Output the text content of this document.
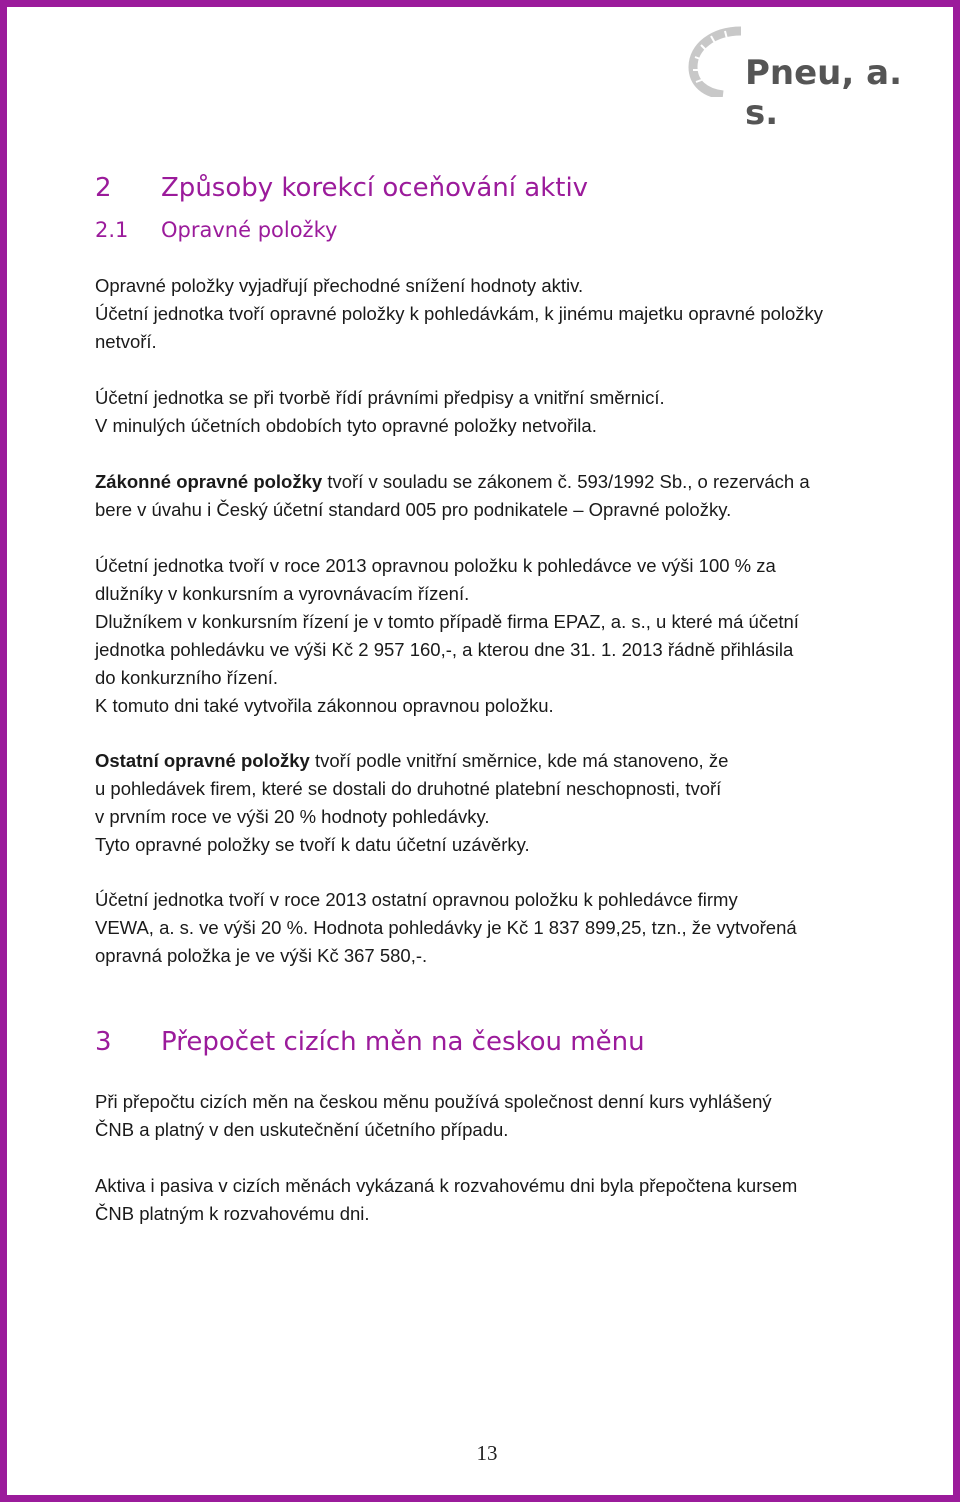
Pneu, a. s.
2 Způsoby korekcí oceňování aktiv
2.1 Opravné položky
Opravné položky vyjadřují přechodné snížení hodnoty aktiv.
Účetní jednotka tvoří opravné položky k pohledávkám, k jinému majetku opravné položky
netvoří.
Účetní jednotka se při tvorbě řídí právními předpisy a vnitřní směrnicí.
V minulých účetních obdobích tyto opravné položky netvořila.
Zákonné opravné položky tvoří v souladu se zákonem č. 593/1992 Sb., o rezervách a
bere v úvahu i Český účetní standard 005 pro podnikatele – Opravné položky.
Účetní jednotka tvoří v roce 2013 opravnou položku k pohledávce ve výši 100 % za
dlužníky v konkursním a vyrovnávacím řízení.
Dlužníkem v konkursním řízení je v tomto případě firma EPAZ, a. s., u které má účetní
jednotka pohledávku ve výši Kč 2 957 160,-, a kterou dne 31. 1. 2013 řádně přihlásila
do konkurzního řízení.
K tomuto dni také vytvořila zákonnou opravnou položku.
Ostatní opravné položky tvoří podle vnitřní směrnice, kde má stanoveno, že
u pohledávek firem, které se dostali do druhotné platební neschopnosti, tvoří
v prvním roce ve výši 20 % hodnoty pohledávky.
Tyto opravné položky se tvoří k datu účetní uzávěrky.
Účetní jednotka tvoří v roce 2013 ostatní opravnou položku k pohledávce firmy
VEWA, a. s. ve výši 20 %. Hodnota pohledávky je Kč 1 837 899,25, tzn., že vytvořená
opravná položka je ve výši Kč 367 580,-.
3 Přepočet cizích měn na českou měnu
Při přepočtu cizích měn na českou měnu používá společnost denní kurs vyhlášený
ČNB a platný v den uskutečnění účetního případu.
Aktiva i pasiva v cizích měnách vykázaná k rozvahovému dni byla přepočtena kursem
ČNB platným k rozvahovému dni.
13
